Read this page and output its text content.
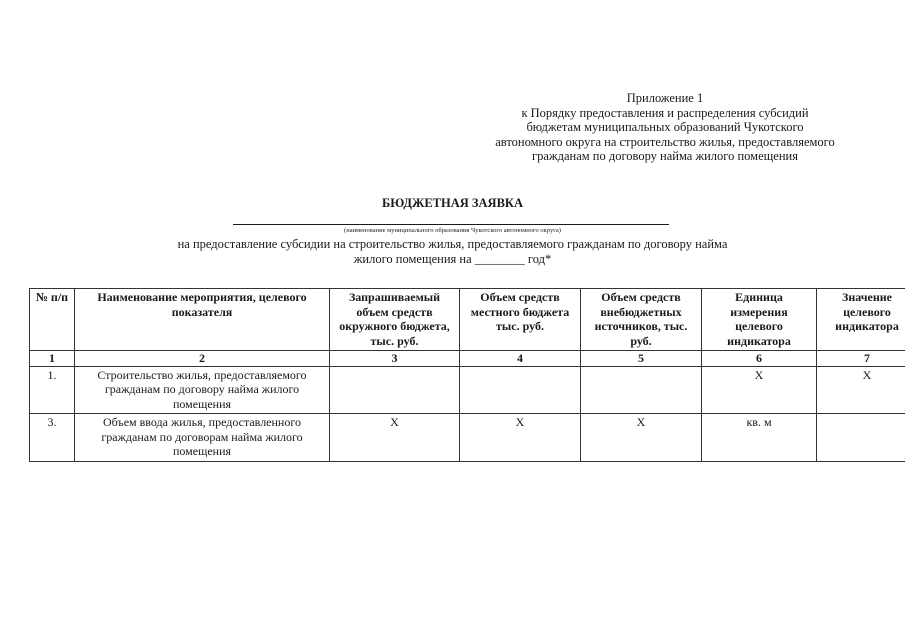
Приложение 1
к Порядку предоставления и распределения субсидий
бюджетам муниципальных образований Чукотского
автономного округа на строительство жилья, предоставляемого
гражданам по договору найма жилого помещения
БЮДЖЕТНАЯ ЗАЯВКА
(наименование муниципального образования Чукотского автономного округа)
на предоставление субсидии на строительство жилья, предоставляемого гражданам по договору найма
жилого помещения на ________ год*
№ п/п	Наименование мероприятия, целевого показателя	Запрашиваемый объем средств окружного бюджета, тыс. руб.	Объем средств местного бюджета тыс. руб.	Объем средств внебюджетных источников, тыс. руб.	Единица измерения целевого индикатора	Значение целевого индикатора
1	2	3	4	5	6	7
1.	Строительство жилья, предоставляемого гражданам по договору найма жилого помещения				Х	Х
3.	Объем ввода жилья, предоставленного гражданам по договорам найма жилого помещения	Х	Х	Х	кв. м	
